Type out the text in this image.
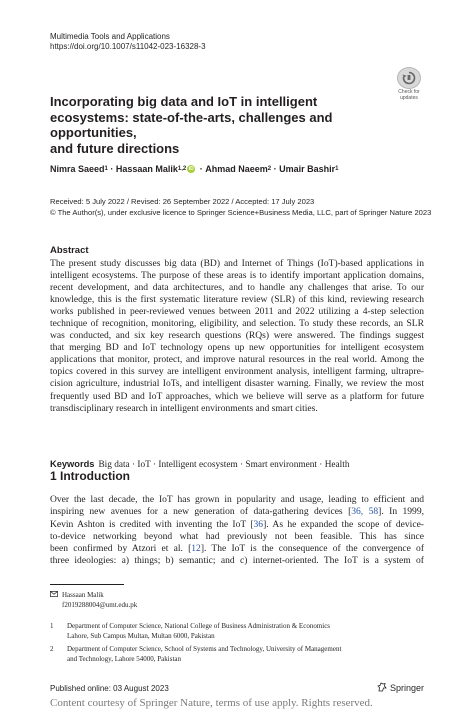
Multimedia Tools and Applications
https://doi.org/10.1007/s11042-023-16328-3
Check for
updates
Incorporating big data and IoT in intelligent
ecosystems: state-of-the-arts, challenges and opportunities,
and future directions
Nimra Saeed 1 · Hassaan Malik 1,2 iD · Ahmad Naeem 2 · Umair Bashir 1
Received: 5 July 2022 / Revised: 26 September 2022 / Accepted: 17 July 2023
© The Author(s), under exclusive licence to Springer Science+Business Media, LLC, part of Springer Nature 2023
Abstract
The present study discusses big data (BD) and Internet of Things (IoT)-based applications in
intelligent ecosystems. The purpose of these areas is to identify important application domains,
recent development, and data architectures, and to handle any challenges that arise. To our
knowledge, this is the first systematic literature review (SLR) of this kind, reviewing research
works published in peer-reviewed venues between 2011 and 2022 utilizing a 4-step selection
technique of recognition, monitoring, eligibility, and selection. To study these records, an SLR
was conducted, and six key research questions (RQs) were answered. The findings suggest
that merging BD and IoT technology opens up new opportunities for intelligent ecosystem
applications that monitor, protect, and improve natural resources in the real world. Among the
topics covered in this survey are intelligent environment analysis, intelligent farming, ultrapre-
cision agriculture, industrial IoTs, and intelligent disaster warning. Finally, we review the most
frequently used BD and IoT approaches, which we believe will serve as a platform for future
transdisciplinary research in intelligent environments and smart cities.
Keywords Big data · IoT · Intelligent ecosystem · Smart environment · Health
1 Introduction
Over the last decade, the IoT has grown in popularity and usage, leading to efficient and
inspiring new avenues for a new generation of data-gathering devices [36, 58]. In 1999,
Kevin Ashton is credited with inventing the IoT [36]. As he expanded the scope of device-
to-device networking beyond what had previously not been feasible. This has since
been confirmed by Atzori et al. [12]. The IoT is the consequence of the convergence of
three ideologies: a) things; b) semantic; and c) internet-oriented. The IoT is a system of
Hassaan Malik
f2019288004@umt.edu.pk
1 Department of Computer Science, National College of Business Administration & Economics
Lahore, Sub Campus Multan, Multan 6000, Pakistan
2 Department of Computer Science, School of Systems and Technology, University of Management
and Technology, Lahore 54000, Pakistan
Published online: 03 August 2023	Springer
Content courtesy of Springer Nature, terms of use apply. Rights reserved.
